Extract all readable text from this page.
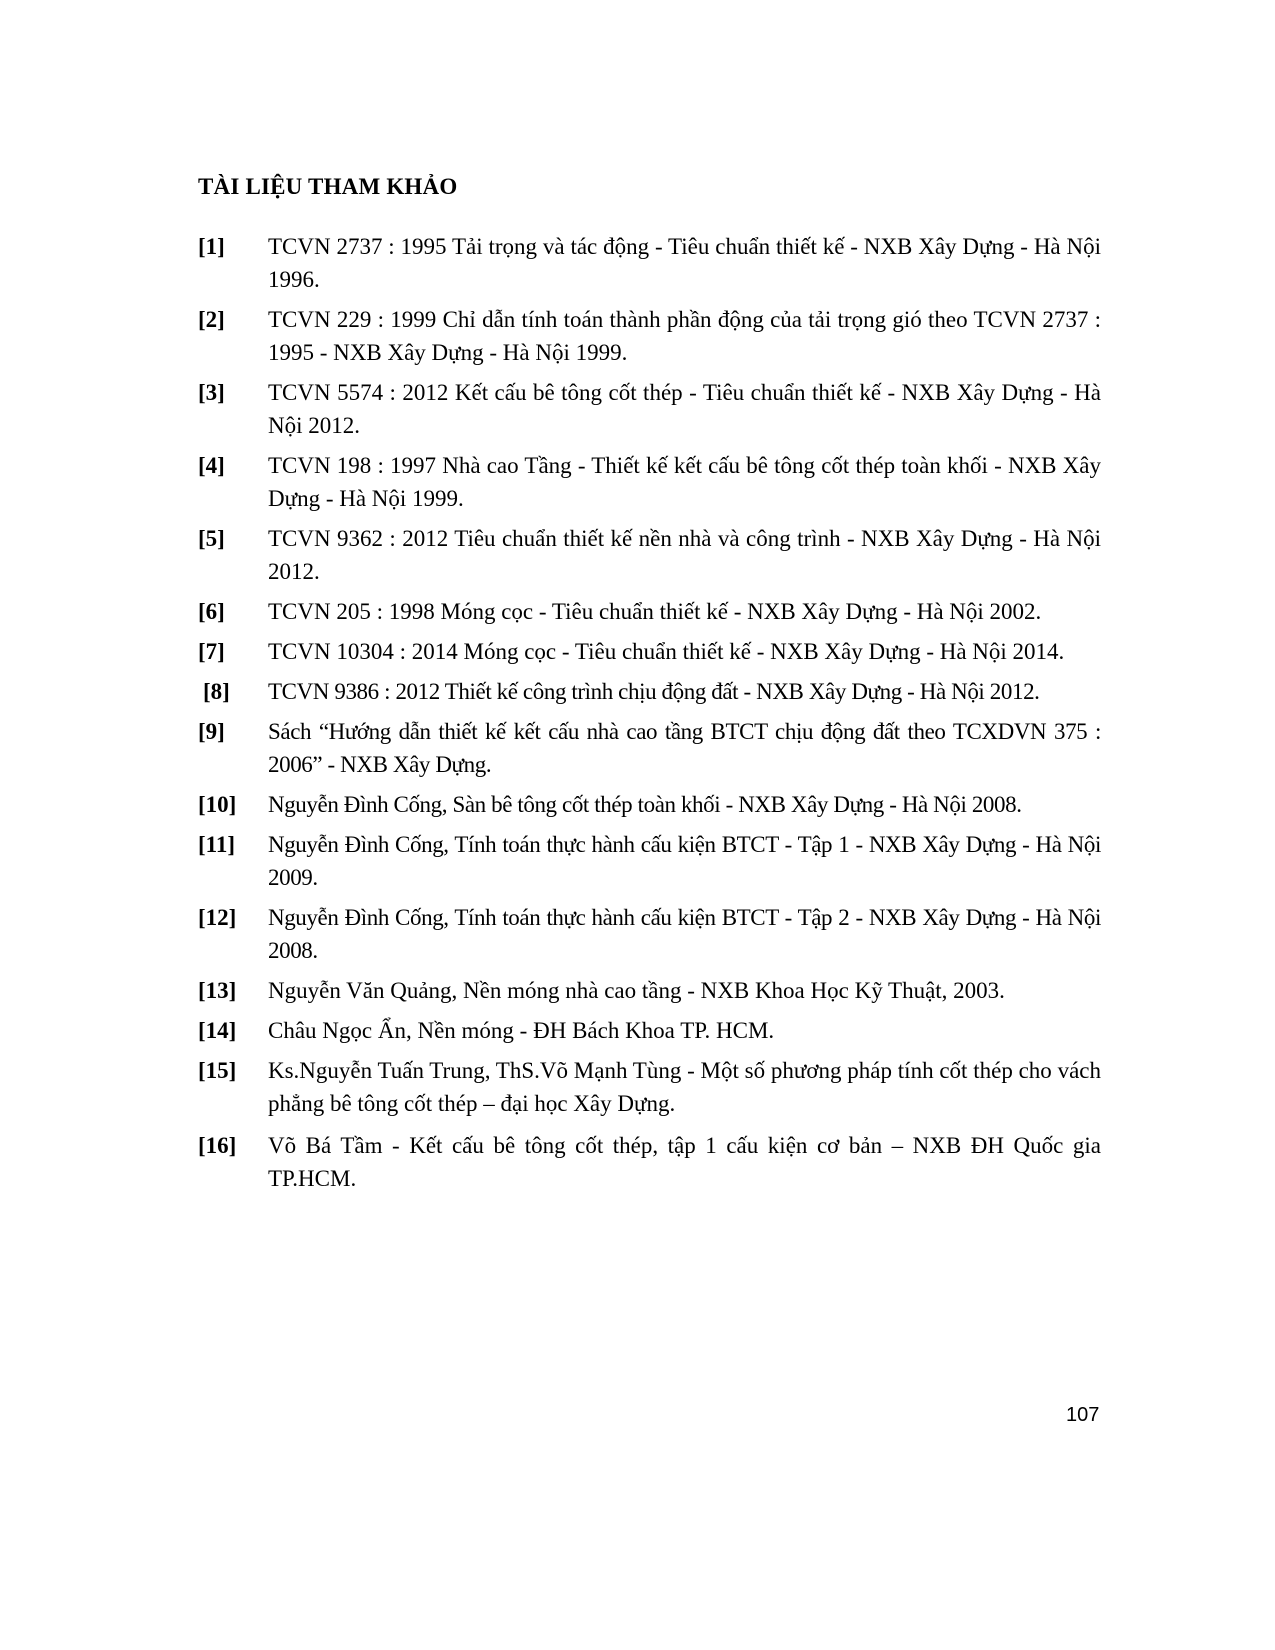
TÀI LIỆU THAM KHẢO
[1]	TCVN 2737 : 1995 Tải trọng và tác động - Tiêu chuẩn thiết kế - NXB Xây Dựng - Hà Nội 1996.
[2]	TCVN 229 : 1999 Chỉ dẫn tính toán thành phần động của tải trọng gió theo TCVN 2737 : 1995 - NXB Xây Dựng - Hà Nội 1999.
[3]	TCVN 5574 : 2012 Kết cấu bê tông cốt thép - Tiêu chuẩn thiết kế - NXB Xây Dựng - Hà Nội 2012.
[4]	TCVN 198 : 1997 Nhà cao Tầng - Thiết kế kết cấu bê tông cốt thép toàn khối - NXB Xây Dựng - Hà Nội 1999.
[5]	TCVN 9362 : 2012 Tiêu chuẩn thiết kế nền nhà và công trình - NXB Xây Dựng - Hà Nội 2012.
[6]	TCVN 205 : 1998 Móng cọc - Tiêu chuẩn thiết kế - NXB Xây Dựng - Hà Nội 2002.
[7]	TCVN 10304 : 2014 Móng cọc - Tiêu chuẩn thiết kế - NXB Xây Dựng - Hà Nội 2014.
[8]	TCVN 9386 : 2012 Thiết kế công trình chịu động đất - NXB Xây Dựng - Hà Nội 2012.
[9]	Sách “Hướng dẫn thiết kế kết cấu nhà cao tầng BTCT chịu động đất theo TCXDVN 375 : 2006” - NXB Xây Dựng.
[10]	Nguyễn Đình Cống, Sàn bê tông cốt thép toàn khối - NXB Xây Dựng - Hà Nội 2008.
[11]	Nguyễn Đình Cống, Tính toán thực hành cấu kiện BTCT - Tập 1 - NXB Xây Dựng - Hà Nội 2009.
[12]	Nguyễn Đình Cống, Tính toán thực hành cấu kiện BTCT - Tập 2 - NXB Xây Dựng - Hà Nội 2008.
[13]	Nguyễn Văn Quảng, Nền móng nhà cao tầng - NXB Khoa Học Kỹ Thuật, 2003.
[14]	Châu Ngọc Ẩn, Nền móng - ĐH Bách Khoa TP. HCM.
[15]	Ks.Nguyễn Tuấn Trung, ThS.Võ Mạnh Tùng - Một số phương pháp tính cốt thép cho vách phẳng bê tông cốt thép – đại học Xây Dựng.
[16]	Võ Bá Tầm - Kết cấu bê tông cốt thép, tập 1 cấu kiện cơ bản – NXB ĐH Quốc gia TP.HCM.
107
